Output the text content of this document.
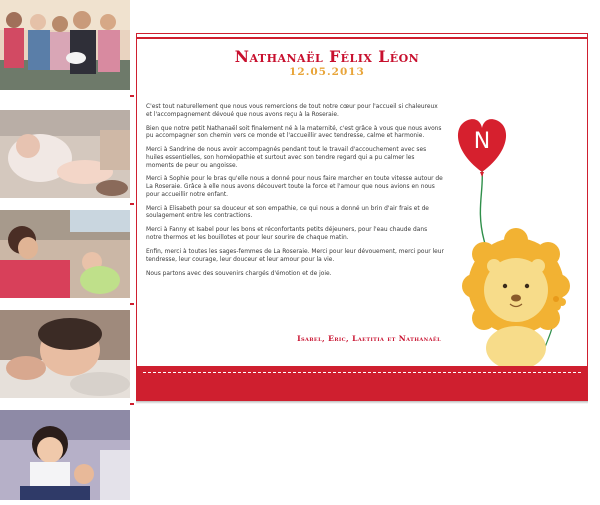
Nathanaël Félix Léon
12.05.2013

C'est tout naturellement que nous vous remercions de tout notre cœur pour l'accueil si chaleureux et l'accompagnement dévoué que nous avons reçu à la Roseraie.

Bien que notre petit Nathanaël soit finalement né à la maternité, c'est grâce à vous que nous avons pu accompagner son chemin vers ce monde et l'accueillir avec tendresse, calme et harmonie.

Merci à Sandrine de nous avoir accompagnés pendant tout le travail d'accouchement avec ses huiles essentielles, son homéopathie et surtout avec son tendre regard qui a pu calmer les moments de peur ou angoisse.

Merci à Sophie pour le bras qu'elle nous a donné pour nous faire marcher en toute vitesse autour de La Roseraie. Grâce à elle nous avons découvert toute la force et l'amour que nous avions en nous pour accueillir notre enfant.

Merci à Elisabeth pour sa douceur et son empathie, ce qui nous a donné un brin d'air frais et de soulagement entre les contractions.

Merci à Fanny et Isabel pour les bons et réconfortants petits déjeuners, pour l'eau chaude dans notre thermos et les bouillotes et pour leur sourire de chaque matin.

Enfin, merci à toutes les sages-femmes de La Roseraie. Merci pour leur dévouement, merci pour leur tendresse, leur courage, leur douceur et leur amour pour la vie.

Nous partons avec des souvenirs chargés d'émotion et de joie.

Isabel, Eric, Laetitia et Nathanaël
N
